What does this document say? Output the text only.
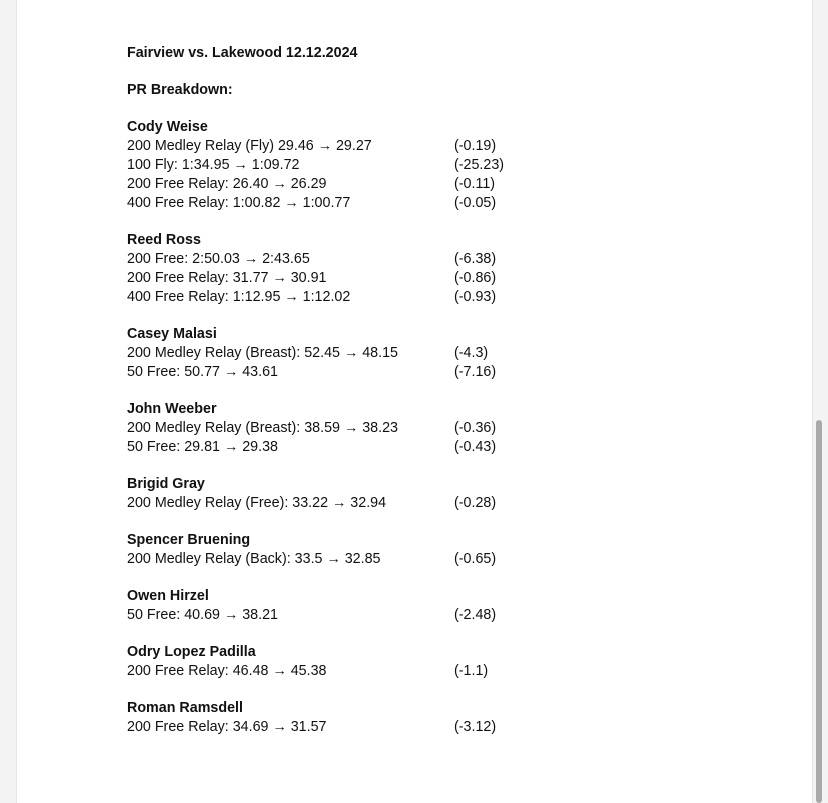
Fairview vs. Lakewood 12.12.2024
PR Breakdown:
Cody Weise
200 Medley Relay (Fly) 29.46 → 29.27	(-0.19)
100 Fly: 1:34.95 → 1:09.72	(-25.23)
200 Free Relay: 26.40 → 26.29	(-0.11)
400 Free Relay: 1:00.82 → 1:00.77	(-0.05)
Reed Ross
200 Free: 2:50.03 → 2:43.65	(-6.38)
200 Free Relay: 31.77 → 30.91	(-0.86)
400 Free Relay: 1:12.95 → 1:12.02	(-0.93)
Casey Malasi
200 Medley Relay (Breast): 52.45 → 48.15	(-4.3)
50 Free: 50.77 → 43.61	(-7.16)
John Weeber
200 Medley Relay (Breast): 38.59 → 38.23	(-0.36)
50 Free: 29.81 → 29.38	(-0.43)
Brigid Gray
200 Medley Relay (Free): 33.22 → 32.94	(-0.28)
Spencer Bruening
200 Medley Relay (Back): 33.5 → 32.85	(-0.65)
Owen Hirzel
50 Free: 40.69 → 38.21	(-2.48)
Odry Lopez Padilla
200 Free Relay: 46.48 → 45.38	(-1.1)
Roman Ramsdell
200 Free Relay: 34.69 → 31.57	(-3.12)
